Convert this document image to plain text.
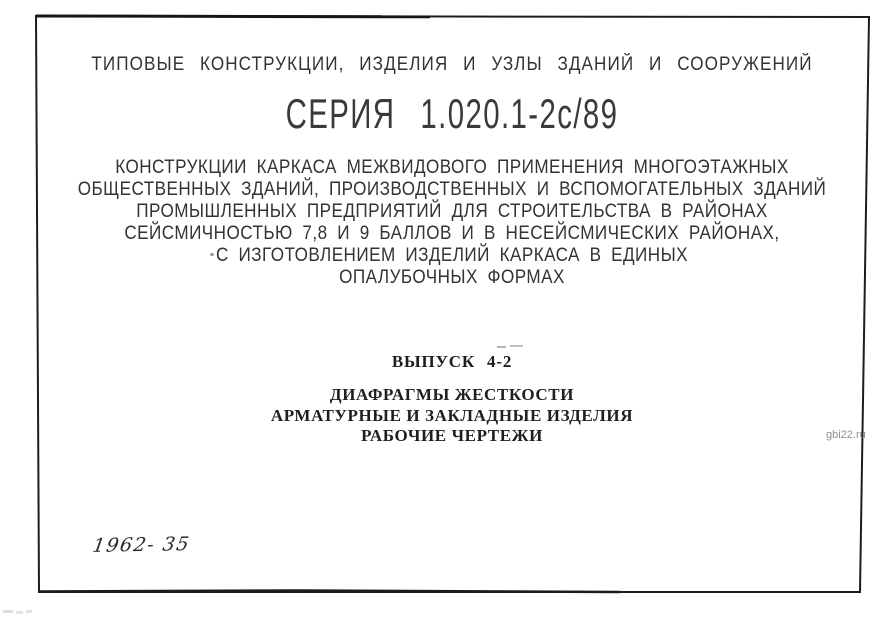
ТИПОВЫЕ КОНСТРУКЦИИ, ИЗДЕЛИЯ И УЗЛЫ ЗДАНИЙ И СООРУЖЕНИЙ
СЕРИЯ 1.020.1-2с/89
КОНСТРУКЦИИ КАРКАСА МЕЖВИДОВОГО ПРИМЕНЕНИЯ МНОГОЭТАЖНЫХ
ОБЩЕСТВЕННЫХ ЗДАНИЙ, ПРОИЗВОДСТВЕННЫХ И ВСПОМОГАТЕЛЬНЫХ ЗДАНИЙ
ПРОМЫШЛЕННЫХ ПРЕДПРИЯТИЙ ДЛЯ СТРОИТЕЛЬСТВА В РАЙОНАХ
СЕЙСМИЧНОСТЬЮ 7,8 И 9 БАЛЛОВ И В НЕСЕЙСМИЧЕСКИХ РАЙОНАХ,
С ИЗГОТОВЛЕНИЕМ ИЗДЕЛИЙ КАРКАСА В ЕДИНЫХ
ОПАЛУБОЧНЫХ ФОРМАХ
ВЫПУСК 4-2
ДИАФРАГМЫ ЖЕСТКОСТИ
АРМАТУРНЫЕ И ЗАКЛАДНЫЕ ИЗДЕЛИЯ
РАБОЧИЕ ЧЕРТЕЖИ
1962- 35
gbi22.ru
